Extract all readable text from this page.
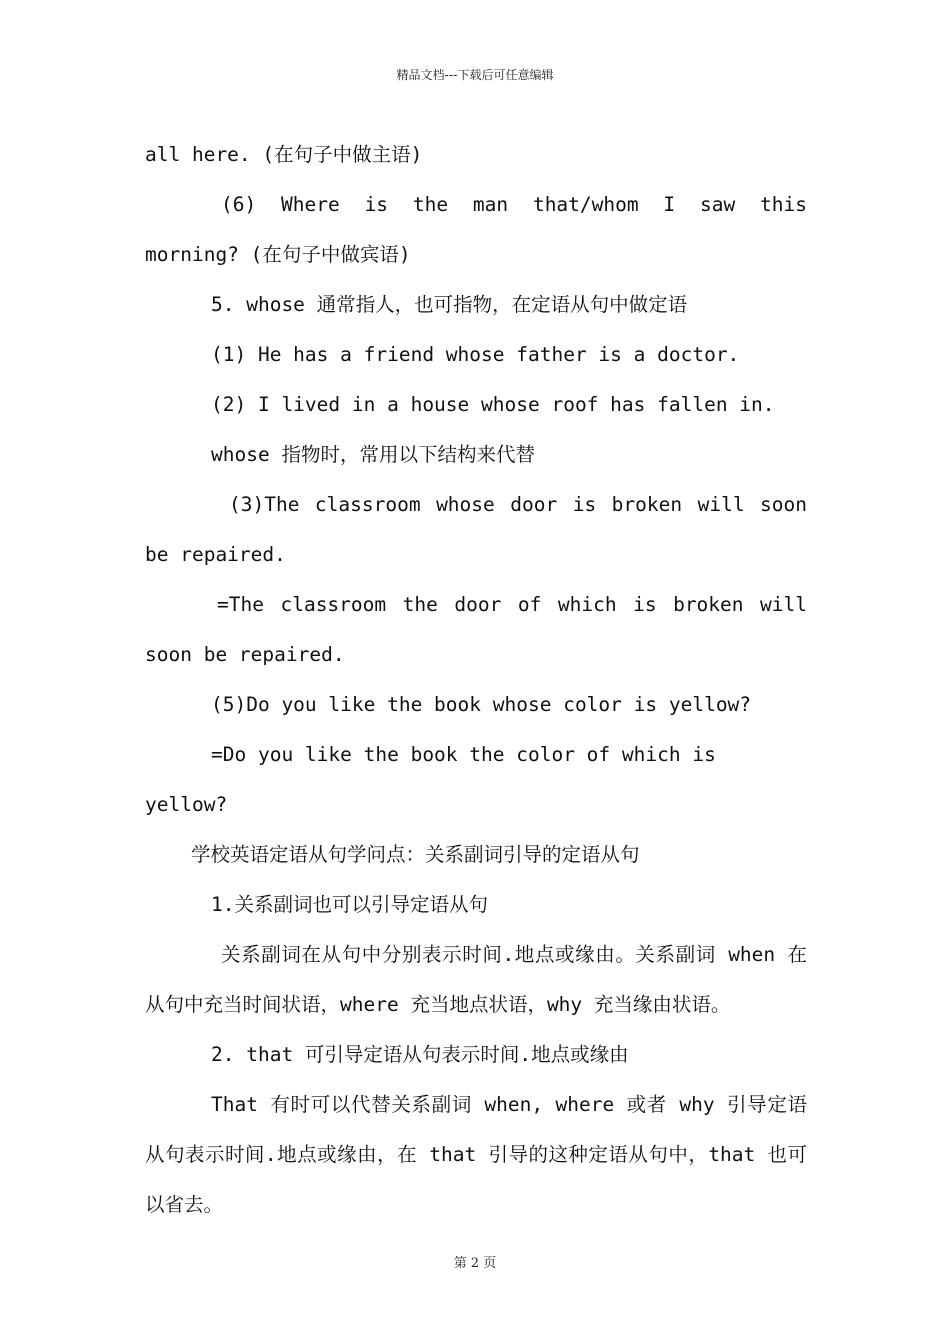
精品文档---下载后可任意编辑

all here. (在句子中做主语)

(6) Where is the man that/whom I saw this morning? (在句子中做宾语)

5. whose 通常指人，也可指物，在定语从句中做定语

(1) He has a friend whose father is a doctor.

(2) I lived in a house whose roof has fallen in.

whose 指物时，常用以下结构来代替

(3)The classroom whose door is broken will soon be repaired.

=The classroom the door of which is broken will soon be repaired.

(5)Do you like the book whose color is yellow?

=Do you like the book the color of which is yellow?

学校英语定语从句学问点：关系副词引导的定语从句

1.关系副词也可以引导定语从句

关系副词在从句中分别表示时间.地点或缘由。关系副词 when 在从句中充当时间状语，where 充当地点状语，why 充当缘由状语。

2. that 可引导定语从句表示时间.地点或缘由

That 有时可以代替关系副词 when, where 或者 why 引导定语从句表示时间.地点或缘由，在 that 引导的这种定语从句中，that 也可以省去。

第 2 页
